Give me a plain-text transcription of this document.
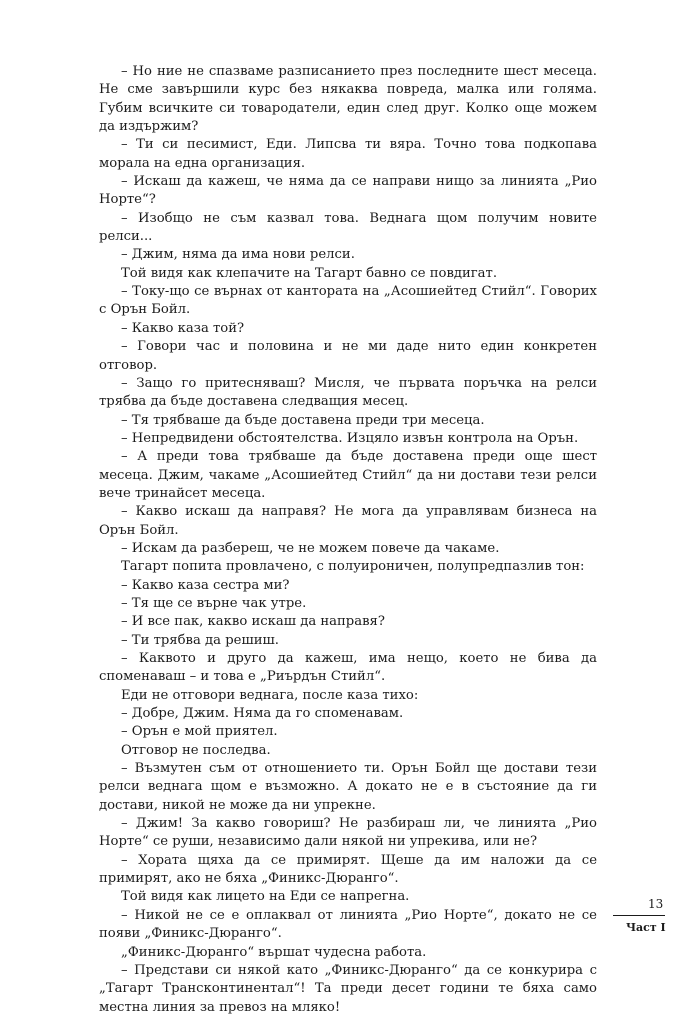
– Но ние не спазваме разписанието през последните шест месеца. Не сме завършили курс без някаква повреда, малка или голяма. Губим всичките си товародатели, един след друг. Колко още можем да издържим?

– Ти си песимист, Еди. Липсва ти вяра. Точно това подкопава морала на една организация.

– Искаш да кажеш, че няма да се направи нищо за линията „Рио Норте“?

– Изобщо не съм казвал това. Веднага щом получим новите релси...

– Джим, няма да има нови релси.

Той видя как клепачите на Тагарт бавно се повдигат.

– Току-що се върнах от кантората на „Асошиейтед Стийл“. Говорих с Орън Бойл.

– Какво каза той?

– Говори час и половина и не ми даде нито един конкретен отговор.

– Защо го притесняваш? Мисля, че първата поръчка на релси трябва да бъде доставена следващия месец.

– Тя трябваше да бъде доставена преди три месеца.

– Непредвидени обстоятелства. Изцяло извън контрола на Орън.

– А преди това трябваше да бъде доставена преди още шест месеца. Джим, чакаме „Асошиейтед Стийл“ да ни достави тези релси вече тринайсет месеца.

– Какво искаш да направя? Не мога да управлявам бизнеса на Орън Бойл.

– Искам да разбереш, че не можем повече да чакаме.

Тагарт попита провлачено, с полуироничен, полупредпазлив тон:

– Какво каза сестра ми?

– Тя ще се върне чак утре.

– И все пак, какво искаш да направя?

– Ти трябва да решиш.

– Каквото и друго да кажеш, има нещо, което не бива да споменаваш – и това е „Риърдън Стийл“.

Еди не отговори веднага, после каза тихо:

– Добре, Джим. Няма да го споменавам.

– Орън е мой приятел.

Отговор не последва.

– Възмутен съм от отношението ти. Орън Бойл ще достави тези релси веднага щом е възможно. А докато не е в състояние да ги достави, никой не може да ни упрекне.

– Джим! За какво говориш? Не разбираш ли, че линията „Рио Норте“ се руши, независимо дали някой ни упрекива, или не?

– Хората щяха да се примирят. Щеше да им наложи да се примирят, ако не бяха „Финикс-Дюранго“.

Той видя как лицето на Еди се напрегна.

– Никой не се е оплаквал от линията „Рио Норте“, докато не се появи „Финикс-Дюранго“.

„Финикс-Дюранго“ вършат чудесна работа.

– Представи си някой като „Финикс-Дюранго“ да се конкурира с „Тагарт Трансконтинентал“! Та преди десет години те бяха само местна линия за превоз на мляко!

13
Част I
